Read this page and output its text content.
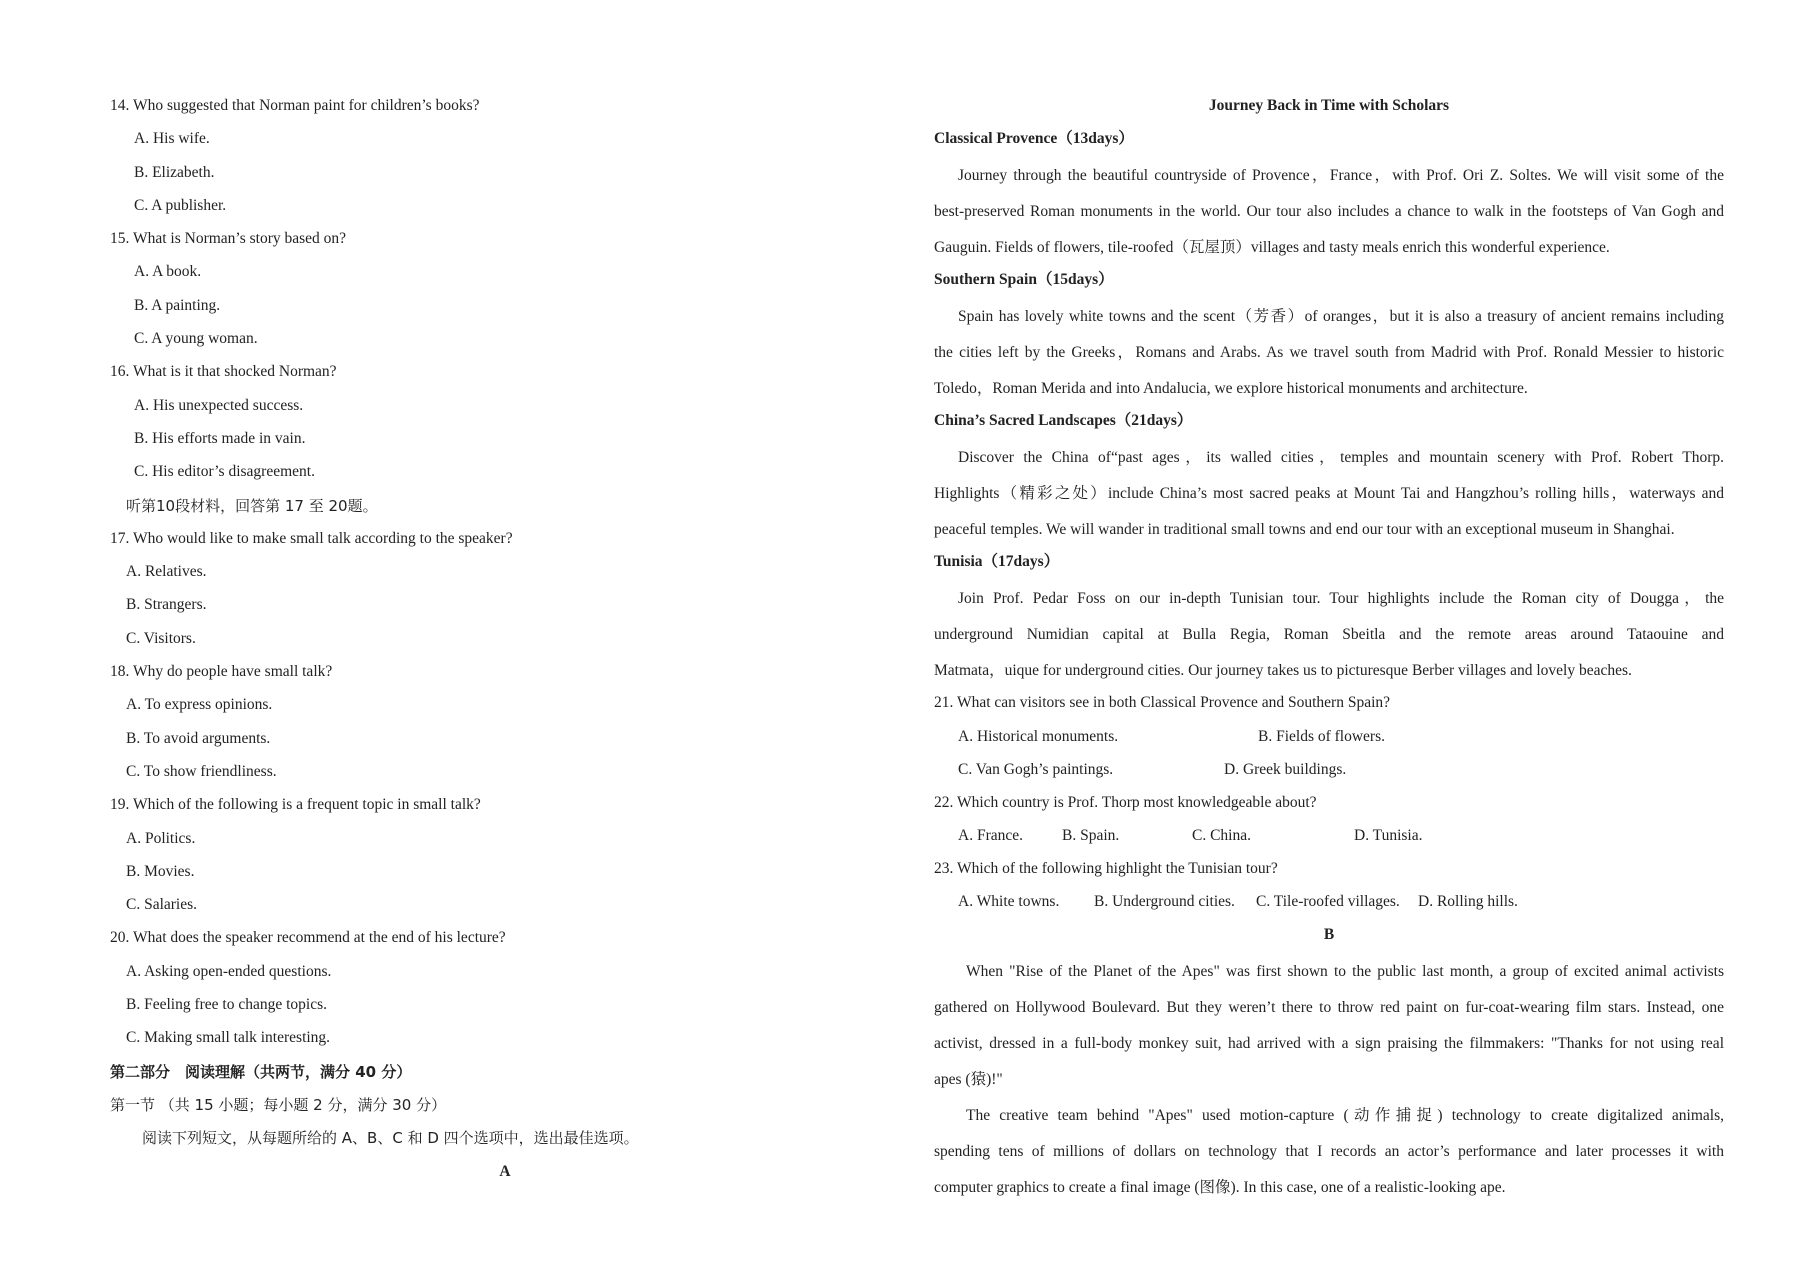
14. Who suggested that Norman paint for children’s books?
A. His wife.
B. Elizabeth.
C. A publisher.
15. What is Norman’s story based on?
A. A book.
B. A painting.
C. A young woman.
16. What is it that shocked Norman?
A. His unexpected success.
B. His efforts made in vain.
C. His editor’s disagreement.
听第10段材料，回答第 17 至 20题。
17. Who would like to make small talk according to the speaker?
A. Relatives.
B. Strangers.
C. Visitors.
18. Why do people have small talk?
A. To express opinions.
B. To avoid arguments.
C. To show friendliness.
19. Which of the following is a frequent topic in small talk?
A. Politics.
B. Movies.
C. Salaries.
20. What does the speaker recommend at the end of his lecture?
A. Asking open-ended questions.
B. Feeling free to change topics.
C. Making small talk interesting.
第二部分　阅读理解（共两节，满分 40 分）
第一节 （共 15 小题；每小题 2 分，满分 30 分）
阅读下列短文，从每题所给的 A、B、C 和 D 四个选项中，选出最佳选项。
A
Journey Back in Time with Scholars
Classical Provence（13days）
Journey through the beautiful countryside of Provence，France，with Prof. Ori Z. Soltes. We will visit some of the
best-preserved Roman monuments in the world. Our tour also includes a chance to walk in the footsteps of Van Gogh and
Gauguin. Fields of flowers, tile-roofed（瓦屋顶）villages and tasty meals enrich this wonderful experience.
Southern Spain（15days）
Spain has lovely white towns and the scent（芳香）of oranges，but it is also a treasury of ancient remains including
the cities left by the Greeks，Romans and Arabs. As we travel south from Madrid with Prof. Ronald Messier to historic
Toledo，Roman Merida and into Andalucia, we explore historical monuments and architecture.
China’s Sacred Landscapes（21days）
Discover the China of“past ages，its walled cities，temples and mountain scenery with Prof. Robert Thorp.
Highlights（精彩之处）include China’s most sacred peaks at Mount Tai and Hangzhou’s rolling hills，waterways and
peaceful temples. We will wander in traditional small towns and end our tour with an exceptional museum in Shanghai.
Tunisia（17days）
Join Prof. Pedar Foss on our in-depth Tunisian tour. Tour highlights include the Roman city of Dougga，the
underground Numidian capital at Bulla Regia, Roman Sbeitla and the remote areas around Tataouine and
Matmata，uique for underground cities. Our journey takes us to picturesque Berber villages and lovely beaches.
21. What can visitors see in both Classical Provence and Southern Spain?
A. Historical monuments.	B. Fields of flowers.
C. Van Gogh’s paintings.	D. Greek buildings.
22. Which country is Prof. Thorp most knowledgeable about?
A. France.	B. Spain.	C. China.	D. Tunisia.
23. Which of the following highlight the Tunisian tour?
A. White towns.	B. Underground cities.	C. Tile-roofed villages.	D. Rolling hills.
B
When "Rise of the Planet of the Apes" was first shown to the public last month, a group of excited animal activists
gathered on Hollywood Boulevard. But they weren’t there to throw red paint on fur-coat-wearing film stars. Instead, one
activist, dressed in a full-body monkey suit, had arrived with a sign praising the filmmakers: "Thanks for not using real
apes (猿)!"
The creative team behind "Apes" used motion-capture (动作捕捉) technology to create digitalized animals,
spending tens of millions of dollars on technology that I records an actor’s performance and later processes it with
computer graphics to create a final image (图像). In this case, one of a realistic-looking ape.
